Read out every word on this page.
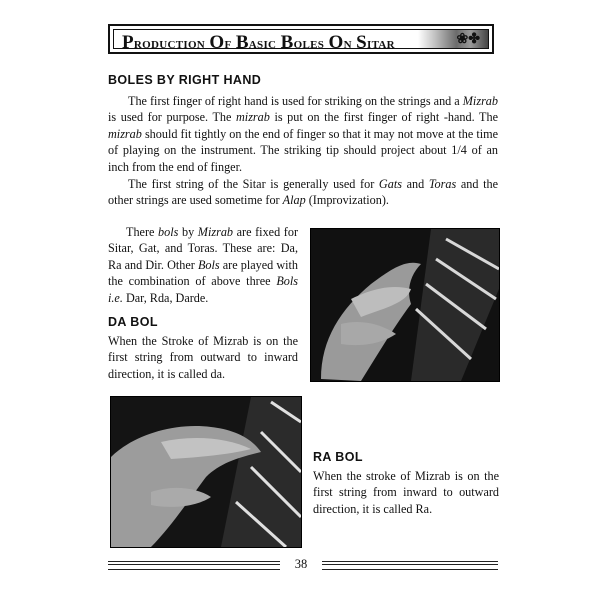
Production Of Basic Boles On Sitar	❀✤
BOLES BY RIGHT HAND
The first finger of right hand is used for striking on the strings and a Mizrab is used for purpose. The mizrab is put on the first finger of right -hand. The mizrab should fit tightly on the end of finger so that it may not move at the time of playing on the instrument. The striking tip should project about 1/4 of an inch from the end of finger.
The first string of the Sitar is generally used for Gats and Toras and the other strings are used sometime for Alap (Improvization).
There bols by Mizrab are fixed for Sitar, Gat, and Toras. These are: Da, Ra and Dir. Other Bols are played with the combination of above three Bols i.e. Dar, Rda, Darde.
DA BOL
When the Stroke of Mizrab is on the first string from outward to inward direction, it is called da.
RA BOL
When the stroke of Mizrab is on the first string from inward to outward direction, it is called Ra.
38
